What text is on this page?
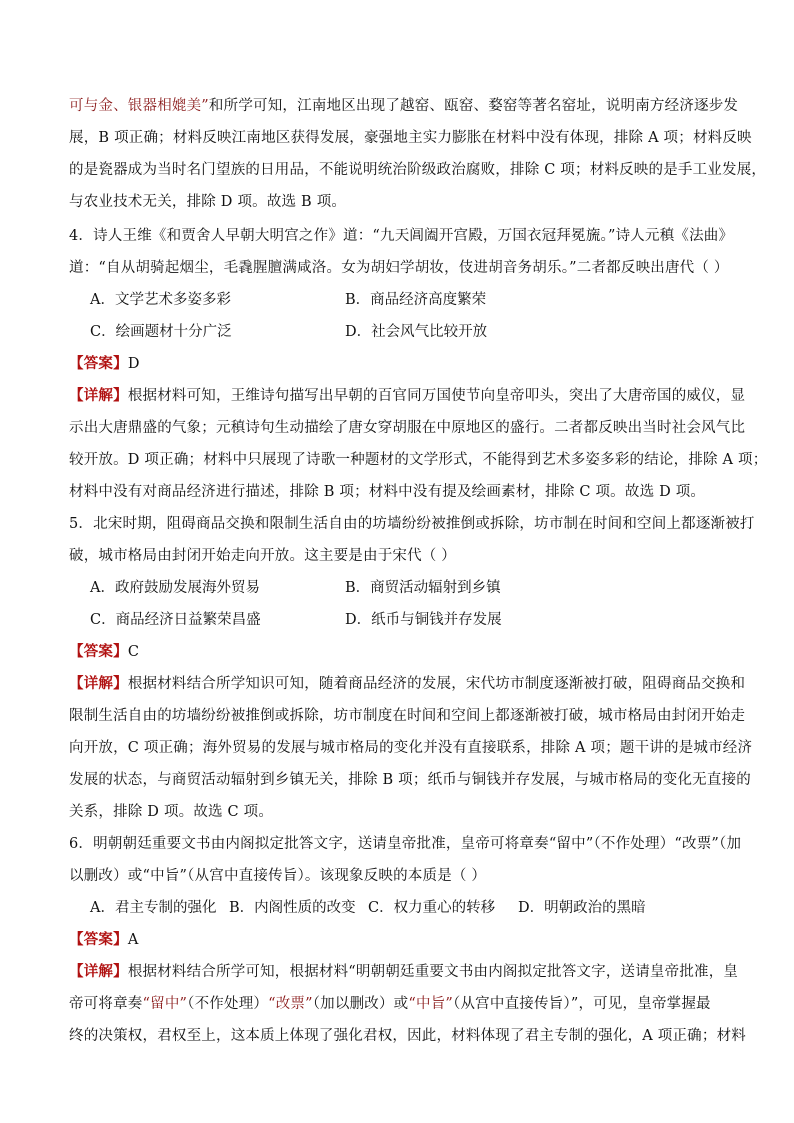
可与金、银器相媲美”和所学可知，江南地区出现了越窑、瓯窑、婺窑等著名窑址，说明南方经济逐步发
展，B 项正确；材料反映江南地区获得发展，豪强地主实力膨胀在材料中没有体现，排除 A 项；材料反映
的是瓷器成为当时名门望族的日用品，不能说明统治阶级政治腐败，排除 C 项；材料反映的是手工业发展，
与农业技术无关，排除 D 项。故选 B 项。
4．诗人王维《和贾舍人早朝大明宫之作》道：“九天阊阖开宫殿，万国衣冠拜冕旒。”诗人元稹《法曲》
道：“自从胡骑起烟尘，毛毳腥膻满咸洛。女为胡妇学胡妆，伎进胡音务胡乐。”二者都反映出唐代（ ）
A．文学艺术多姿多彩	B．商品经济高度繁荣
C．绘画题材十分广泛	D．社会风气比较开放
【答案】D
【详解】根据材料可知，王维诗句描写出早朝的百官同万国使节向皇帝叩头，突出了大唐帝国的威仪，显
示出大唐鼎盛的气象；元稹诗句生动描绘了唐女穿胡服在中原地区的盛行。二者都反映出当时社会风气比
较开放。D 项正确；材料中只展现了诗歌一种题材的文学形式，不能得到艺术多姿多彩的结论，排除 A 项；
材料中没有对商品经济进行描述，排除 B 项；材料中没有提及绘画素材，排除 C 项。故选 D 项。
5．北宋时期，阻碍商品交换和限制生活自由的坊墙纷纷被推倒或拆除，坊市制在时间和空间上都逐渐被打
破，城市格局由封闭开始走向开放。这主要是由于宋代（ ）
A．政府鼓励发展海外贸易	B．商贸活动辐射到乡镇
C．商品经济日益繁荣昌盛	D．纸币与铜钱并存发展
【答案】C
【详解】根据材料结合所学知识可知，随着商品经济的发展，宋代坊市制度逐渐被打破，阻碍商品交换和
限制生活自由的坊墙纷纷被推倒或拆除，坊市制度在时间和空间上都逐渐被打破，城市格局由封闭开始走
向开放，C 项正确；海外贸易的发展与城市格局的变化并没有直接联系，排除 A 项；题干讲的是城市经济
发展的状态，与商贸活动辐射到乡镇无关，排除 B 项；纸币与铜钱并存发展，与城市格局的变化无直接的
关系，排除 D 项。故选 C 项。
6．明朝朝廷重要文书由内阁拟定批答文字，送请皇帝批准，皇帝可将章奏“留中”（不作处理）“改票”（加
以删改）或“中旨”（从宫中直接传旨）。该现象反映的本质是（ ）
A．君主专制的强化 B．内阁性质的改变 C．权力重心的转移 D．明朝政治的黑暗
【答案】A
【详解】根据材料结合所学可知，根据材料“明朝朝廷重要文书由内阁拟定批答文字，送请皇帝批准，皇
帝可将章奏“留中”（不作处理）“改票”（加以删改）或“中旨”（从宫中直接传旨）”，可见，皇帝掌握最
终的决策权，君权至上，这本质上体现了强化君权，因此，材料体现了君主专制的强化，A 项正确；材料
